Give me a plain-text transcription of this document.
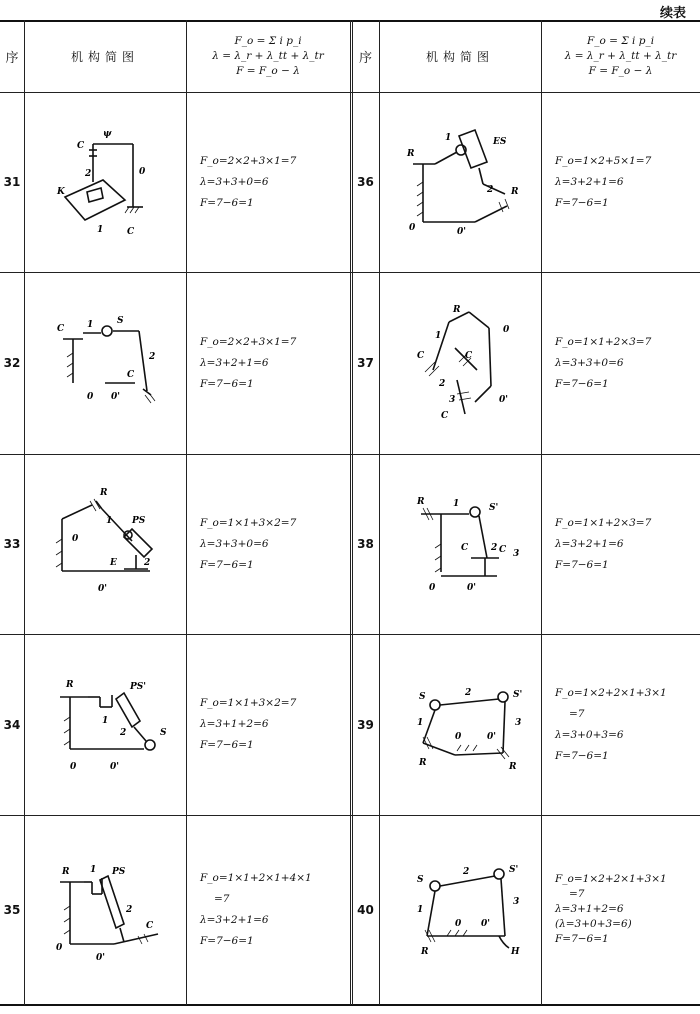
续表
序	机构简图
F_o = Σ i p_i
λ = λ_r + λ_tt + λ_tr
F = F_o − λ
序	机构简图
F_o = Σ i p_i
λ = λ_r + λ_tt + λ_tr
F = F_o − λ
31
C
ψ
2	0
K
1	C
F_o=2×2+3×1=7
λ=3+3+0=6
F=7−6=1
36
R
1	ES
2 R
0	0'
F_o=1×2+5×1=7
λ=3+2+1=6
F=7−6=1
32
C	1	S
2
C
0 0'
F_o=2×2+3×1=7
λ=3+2+1=6
F=7−6=1
37
R
0
1
C	C
2
3
C
0'
F_o=1×1+2×3=7
λ=3+3+0=6
F=7−6=1
33
R
1 PS
0
E	2
0'
F_o=1×1+3×2=7
λ=3+3+0=6
F=7−6=1
38
R	1	S'
2
C
3
C
0	0'
F_o=1×1+2×3=7
λ=3+2+1=6
F=7−6=1
34
R	PS'
1
2	S
0	0'
F_o=1×1+3×2=7
λ=3+1+2=6
F=7−6=1
39
S	2	S'
1	3
0	0'
R	R
F_o=1×2+2×1+3×1
=7
λ=3+0+3=6
F=7−6=1
35
R 1 PS
2
C
0
0'
F_o=1×1+2×1+4×1
=7
λ=3+2+1=6
F=7−6=1
40
S
2	S'
1
3
0 0'
R	H
F_o=1×2+2×1+3×1
=7
λ=3+1+2=6
(λ=3+0+3=6)
F=7−6=1
